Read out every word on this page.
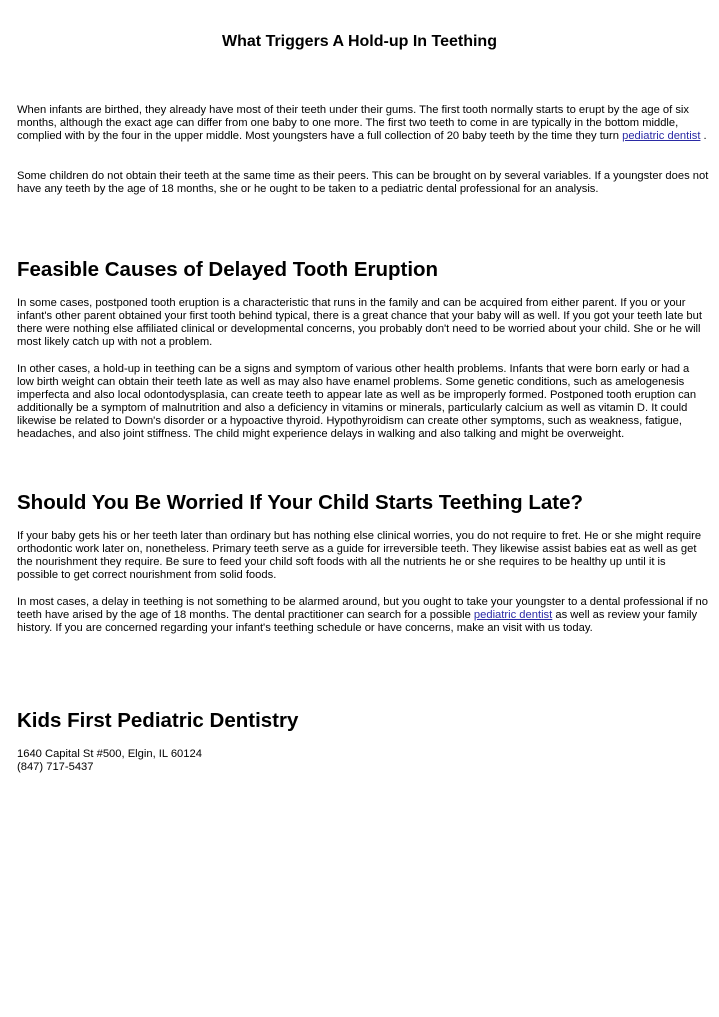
What Triggers A Hold-up In Teething

When infants are birthed, they already have most of their teeth under their gums. The first tooth normally starts to erupt by the age of six months, although the exact age can differ from one baby to one more. The first two teeth to come in are typically in the bottom middle, complied with by the four in the upper middle. Most youngsters have a full collection of 20 baby teeth by the time they turn pediatric dentist .

Some children do not obtain their teeth at the same time as their peers. This can be brought on by several variables. If a youngster does not have any teeth by the age of 18 months, she or he ought to be taken to a pediatric dental professional for an analysis.

Feasible Causes of Delayed Tooth Eruption

In some cases, postponed tooth eruption is a characteristic that runs in the family and can be acquired from either parent. If you or your infant's other parent obtained your first tooth behind typical, there is a great chance that your baby will as well. If you got your teeth late but there were nothing else affiliated clinical or developmental concerns, you probably don't need to be worried about your child. She or he will most likely catch up with not a problem.

In other cases, a hold-up in teething can be a signs and symptom of various other health problems. Infants that were born early or had a low birth weight can obtain their teeth late as well as may also have enamel problems. Some genetic conditions, such as amelogenesis imperfecta and also local odontodysplasia, can create teeth to appear late as well as be improperly formed. Postponed tooth eruption can additionally be a symptom of malnutrition and also a deficiency in vitamins or minerals, particularly calcium as well as vitamin D. It could likewise be related to Down's disorder or a hypoactive thyroid. Hypothyroidism can create other symptoms, such as weakness, fatigue, headaches, and also joint stiffness. The child might experience delays in walking and also talking and might be overweight.

Should You Be Worried If Your Child Starts Teething Late?

If your baby gets his or her teeth later than ordinary but has nothing else clinical worries, you do not require to fret. He or she might require orthodontic work later on, nonetheless. Primary teeth serve as a guide for irreversible teeth. They likewise assist babies eat as well as get the nourishment they require. Be sure to feed your child soft foods with all the nutrients he or she requires to be healthy up until it is possible to get correct nourishment from solid foods.

In most cases, a delay in teething is not something to be alarmed around, but you ought to take your youngster to a dental professional if no teeth have arised by the age of 18 months. The dental practitioner can search for a possible pediatric dentist as well as review your family history. If you are concerned regarding your infant's teething schedule or have concerns, make an visit with us today.

Kids First Pediatric Dentistry

1640 Capital St #500, Elgin, IL 60124
(847) 717-5437
